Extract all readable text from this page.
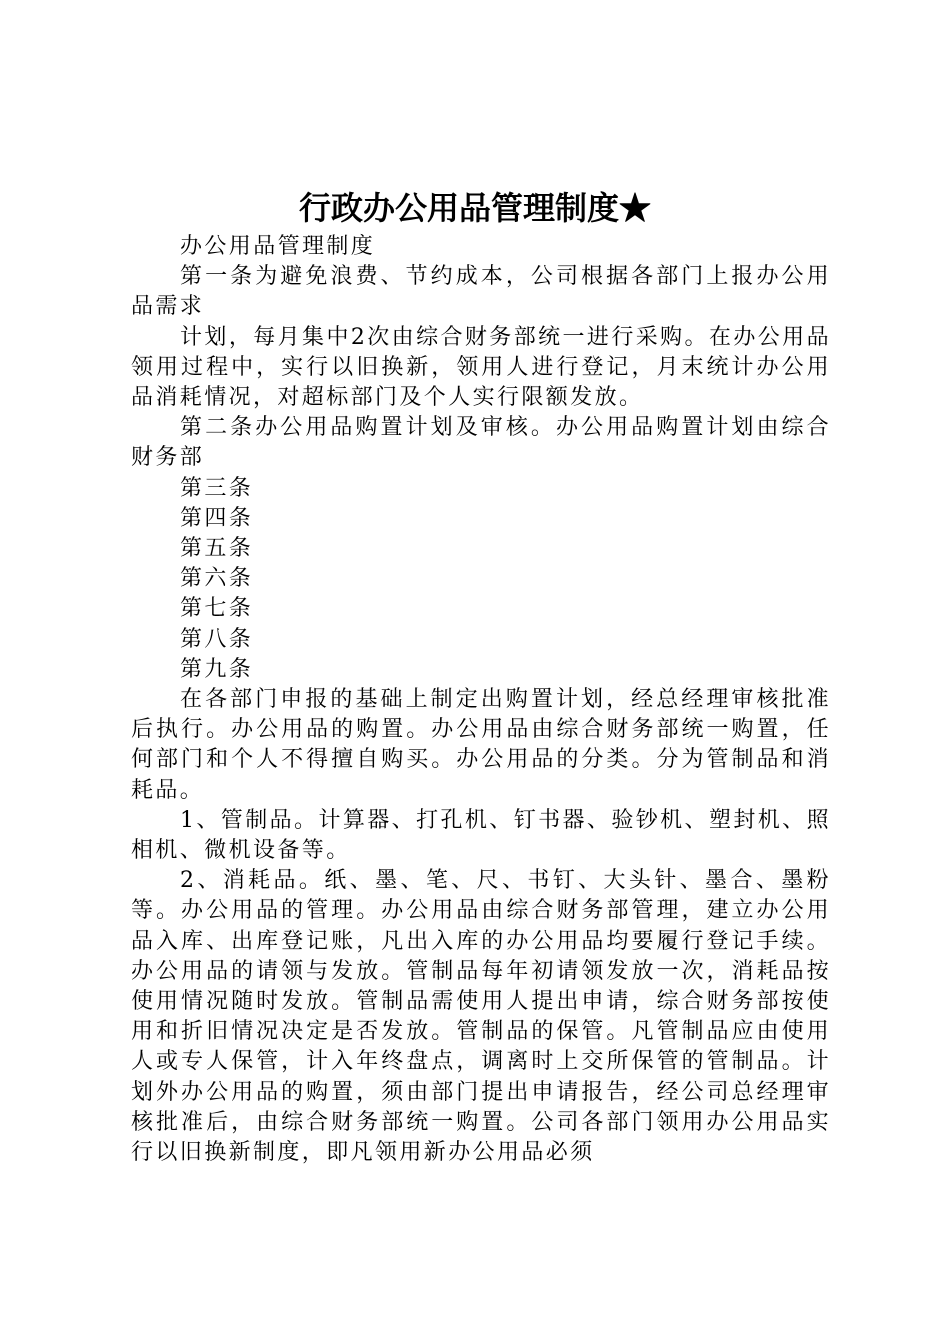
行政办公用品管理制度★

办公用品管理制度

第一条为避免浪费、节约成本，公司根据各部门上报办公用品需求

计划，每月集中2次由综合财务部统一进行采购。在办公用品领用过程中，实行以旧换新，领用人进行登记，月末统计办公用品消耗情况，对超标部门及个人实行限额发放。

第二条办公用品购置计划及审核。办公用品购置计划由综合财务部

第三条

第四条

第五条

第六条

第七条

第八条

第九条

在各部门申报的基础上制定出购置计划，经总经理审核批准后执行。办公用品的购置。办公用品由综合财务部统一购置，任何部门和个人不得擅自购买。办公用品的分类。分为管制品和消耗品。

1、管制品。计算器、打孔机、钉书器、验钞机、塑封机、照相机、微机设备等。

2、消耗品。纸、墨、笔、尺、书钉、大头针、墨合、墨粉等。办公用品的管理。办公用品由综合财务部管理，建立办公用品入库、出库登记账，凡出入库的办公用品均要履行登记手续。办公用品的请领与发放。管制品每年初请领发放一次，消耗品按使用情况随时发放。管制品需使用人提出申请，综合财务部按使用和折旧情况决定是否发放。管制品的保管。凡管制品应由使用人或专人保管，计入年终盘点，调离时上交所保管的管制品。计划外办公用品的购置，须由部门提出申请报告，经公司总经理审核批准后，由综合财务部统一购置。公司各部门领用办公用品实行以旧换新制度，即凡领用新办公用品必须
